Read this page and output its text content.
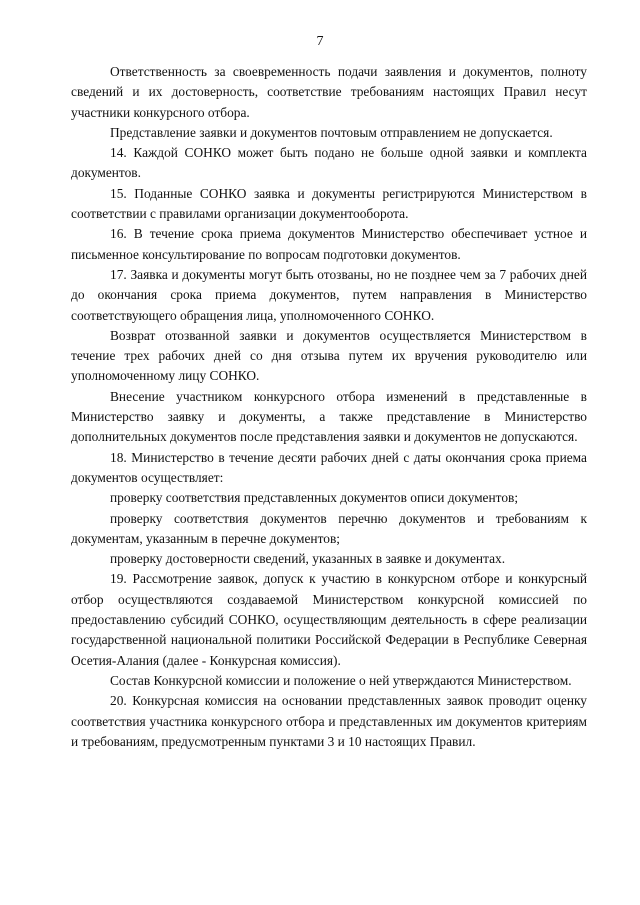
7

Ответственность за своевременность подачи заявления и документов, полноту сведений и их достоверность, соответствие требованиям настоящих Правил несут участники конкурсного отбора.

Представление заявки и документов почтовым отправлением не допускается.

14. Каждой СОНКО может быть подано не больше одной заявки и комплекта документов.

15. Поданные СОНКО заявка и документы регистрируются Министерством в соответствии с правилами организации документооборота.

16. В течение срока приема документов Министерство обеспечивает устное и письменное консультирование по вопросам подготовки документов.

17. Заявка и документы могут быть отозваны, но не позднее чем за 7 рабочих дней до окончания срока приема документов, путем направления в Министерство соответствующего обращения лица, уполномоченного СОНКО.

Возврат отозванной заявки и документов осуществляется Министерством в течение трех рабочих дней со дня отзыва путем их вручения руководителю или уполномоченному лицу СОНКО.

Внесение участником конкурсного отбора изменений в представленные в Министерство заявку и документы, а также представление в Министерство дополнительных документов после представления заявки и документов не допускаются.

18. Министерство в течение десяти рабочих дней с даты окончания срока приема документов осуществляет:

проверку соответствия представленных документов описи документов;

проверку соответствия документов перечню документов и требованиям к документам, указанным в перечне документов;

проверку достоверности сведений, указанных в заявке и документах.

19. Рассмотрение заявок, допуск к участию в конкурсном отборе и конкурсный отбор осуществляются создаваемой Министерством конкурсной комиссией по предоставлению субсидий СОНКО, осуществляющим деятельность в сфере реализации государственной национальной политики Российской Федерации в Республике Северная Осетия-Алания (далее - Конкурсная комиссия).

Состав Конкурсной комиссии и положение о ней утверждаются Министерством.

20. Конкурсная комиссия на основании представленных заявок проводит оценку соответствия участника конкурсного отбора и представленных им документов критериям и требованиям, предусмотренным пунктами 3 и 10 настоящих Правил.
